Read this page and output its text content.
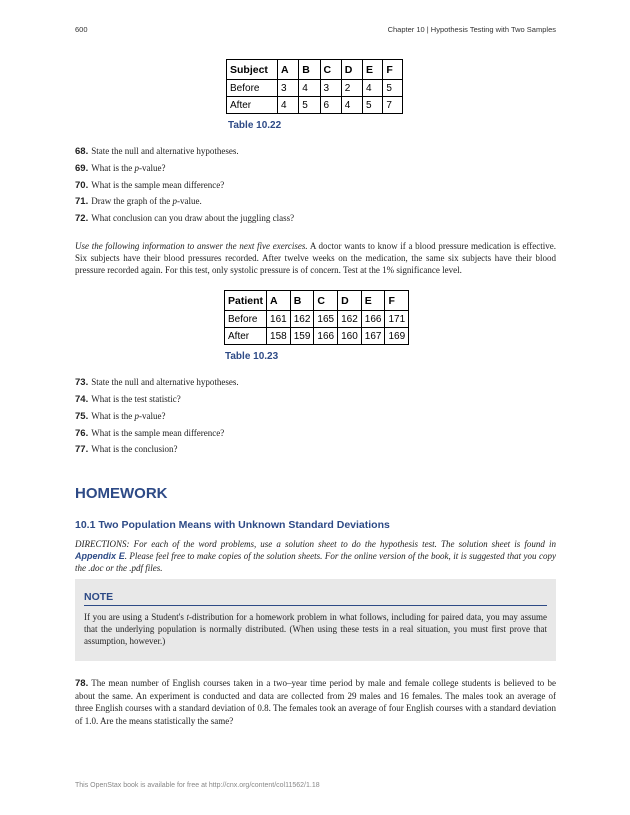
600	Chapter 10 | Hypothesis Testing with Two Samples
Subject	A	B	C	D	E	F
Before	3	4	3	2	4	5
After	4	5	6	4	5	7
Table 10.22
68. State the null and alternative hypotheses.
69. What is the p-value?
70. What is the sample mean difference?
71. Draw the graph of the p-value.
72. What conclusion can you draw about the juggling class?
Use the following information to answer the next five exercises. A doctor wants to know if a blood pressure medication is effective. Six subjects have their blood pressures recorded. After twelve weeks on the medication, the same six subjects have their blood pressure recorded again. For this test, only systolic pressure is of concern. Test at the 1% significance level.
Patient	A	B	C	D	E	F
Before	161	162	165	162	166	171
After	158	159	166	160	167	169
Table 10.23
73. State the null and alternative hypotheses.
74. What is the test statistic?
75. What is the p-value?
76. What is the sample mean difference?
77. What is the conclusion?
HOMEWORK
10.1 Two Population Means with Unknown Standard Deviations
DIRECTIONS: For each of the word problems, use a solution sheet to do the hypothesis test. The solution sheet is found in Appendix E. Please feel free to make copies of the solution sheets. For the online version of the book, it is suggested that you copy the .doc or the .pdf files.
NOTE
If you are using a Student's t-distribution for a homework problem in what follows, including for paired data, you may assume that the underlying population is normally distributed. (When using these tests in a real situation, you must first prove that assumption, however.)
78. The mean number of English courses taken in a two–year time period by male and female college students is believed to be about the same. An experiment is conducted and data are collected from 29 males and 16 females. The males took an average of three English courses with a standard deviation of 0.8. The females took an average of four English courses with a standard deviation of 1.0. Are the means statistically the same?
This OpenStax book is available for free at http://cnx.org/content/col11562/1.18
